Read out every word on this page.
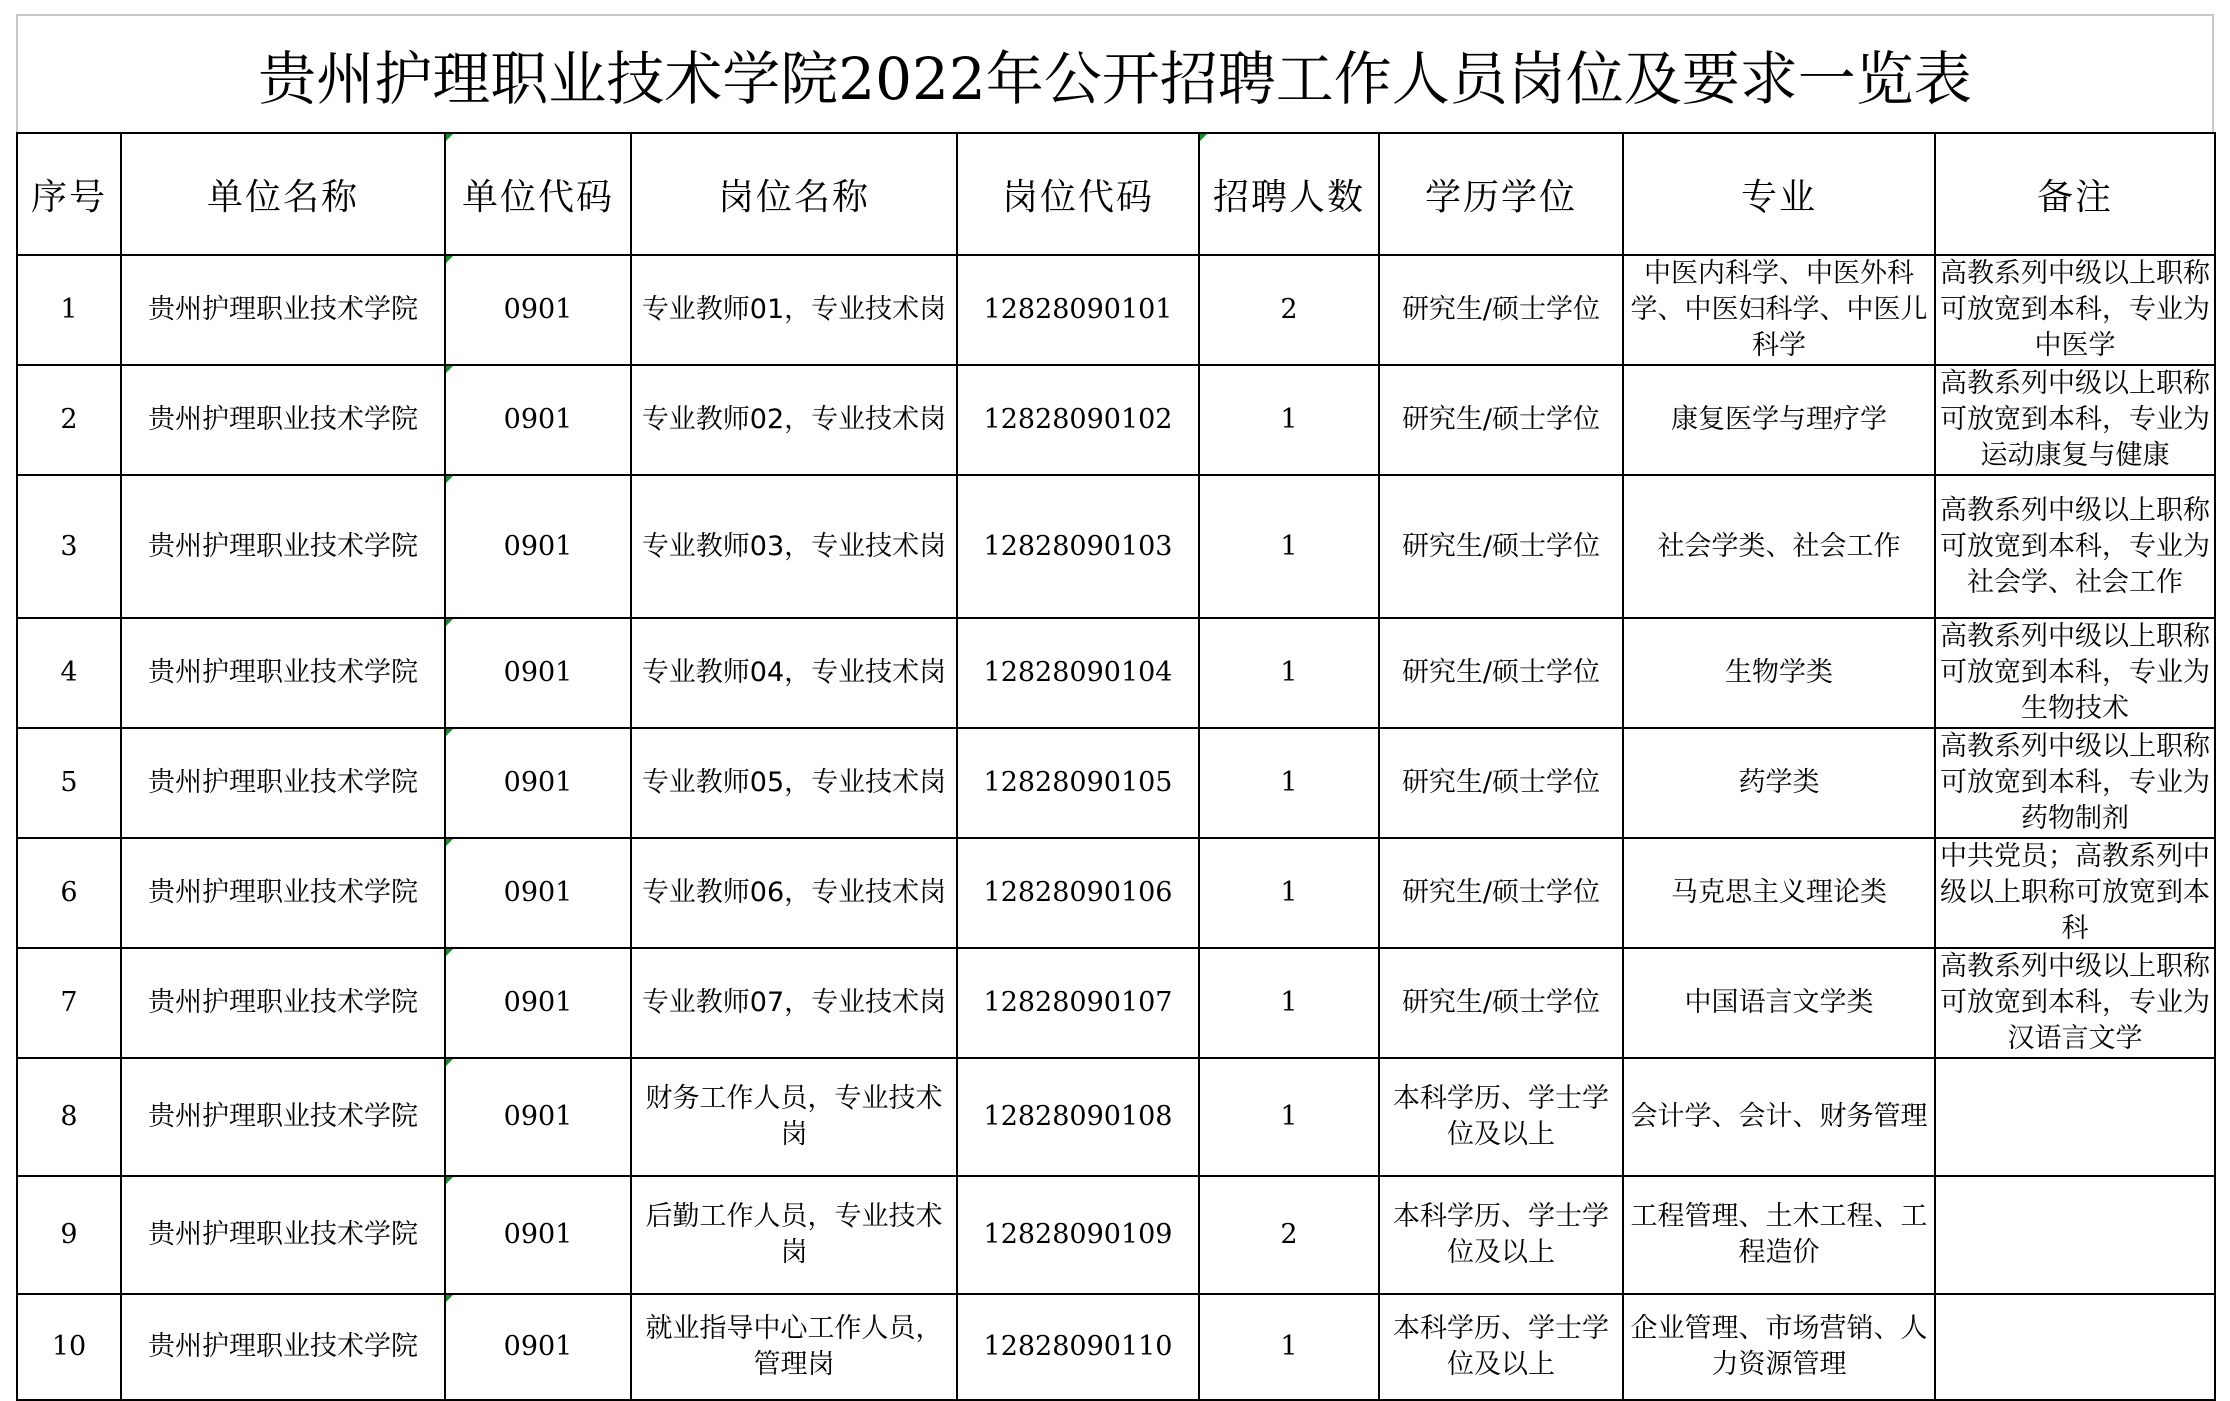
贵州护理职业技术学院2022年公开招聘工作人员岗位及要求一览表
序号	单位名称	单位代码	岗位名称	岗位代码	招聘人数	学历学位	专业	备注
1	贵州护理职业技术学院	0901	专业教师01，专业技术岗	12828090101	2	研究生/硕士学位	中医内科学、中医外科学、中医妇科学、中医儿科学	高教系列中级以上职称可放宽到本科，专业为中医学
2	贵州护理职业技术学院	0901	专业教师02，专业技术岗	12828090102	1	研究生/硕士学位	康复医学与理疗学	高教系列中级以上职称可放宽到本科，专业为运动康复与健康
3	贵州护理职业技术学院	0901	专业教师03，专业技术岗	12828090103	1	研究生/硕士学位	社会学类、社会工作	高教系列中级以上职称可放宽到本科，专业为社会学、社会工作
4	贵州护理职业技术学院	0901	专业教师04，专业技术岗	12828090104	1	研究生/硕士学位	生物学类	高教系列中级以上职称可放宽到本科，专业为生物技术
5	贵州护理职业技术学院	0901	专业教师05，专业技术岗	12828090105	1	研究生/硕士学位	药学类	高教系列中级以上职称可放宽到本科，专业为药物制剂
6	贵州护理职业技术学院	0901	专业教师06，专业技术岗	12828090106	1	研究生/硕士学位	马克思主义理论类	中共党员；高教系列中级以上职称可放宽到本科
7	贵州护理职业技术学院	0901	专业教师07，专业技术岗	12828090107	1	研究生/硕士学位	中国语言文学类	高教系列中级以上职称可放宽到本科，专业为汉语言文学
8	贵州护理职业技术学院	0901	财务工作人员，专业技术岗	12828090108	1	本科学历、学士学位及以上	会计学、会计、财务管理	
9	贵州护理职业技术学院	0901	后勤工作人员，专业技术岗	12828090109	2	本科学历、学士学位及以上	工程管理、土木工程、工程造价	
10	贵州护理职业技术学院	0901	就业指导中心工作人员，管理岗	12828090110	1	本科学历、学士学位及以上	企业管理、市场营销、人力资源管理	
